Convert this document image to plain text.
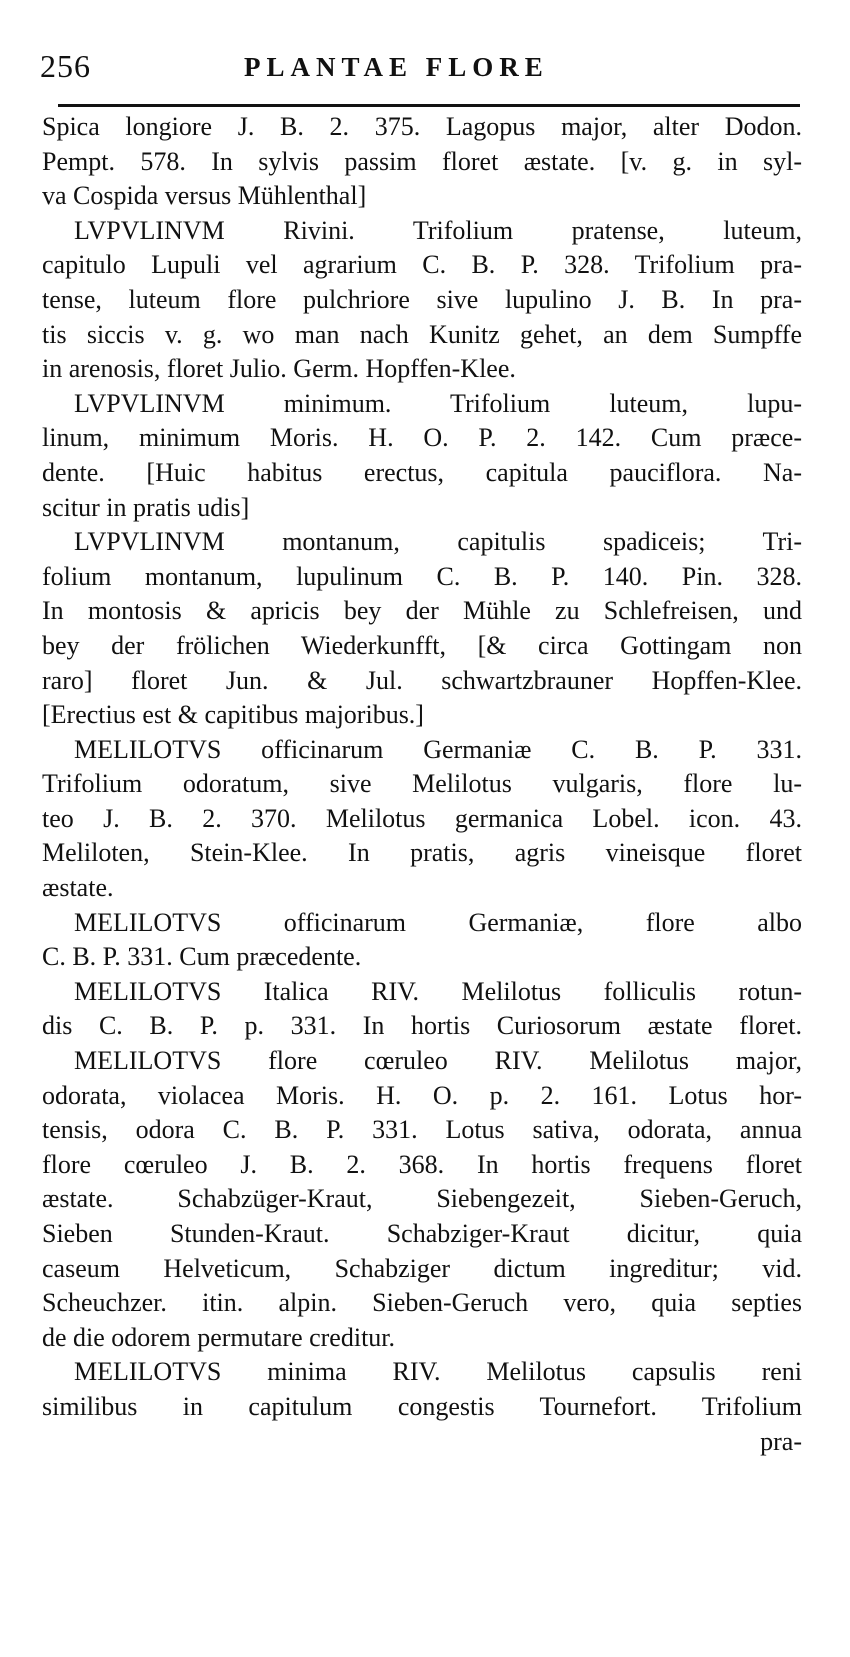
256	PLANTAE FLORE
Spica longiore J. B. 2. 375. Lagopus major, alter Dodon.
Pempt. 578. In sylvis passim floret æstate. [v. g. in syl-
va Cospida versus Mühlenthal]
LVPVLINVM Rivini. Trifolium pratense, luteum,
capitulo Lupuli vel agrarium C. B. P. 328. Trifolium pra-
tense, luteum flore pulchriore sive lupulino J. B. In pra-
tis siccis v. g. wo man nach Kunitz gehet, an dem Sumpffe
in arenosis, floret Julio. Germ. Hopffen-Klee.
LVPVLINVM minimum. Trifolium luteum, lupu-
linum, minimum Moris. H. O. P. 2. 142. Cum præce-
dente. [Huic habitus erectus, capitula pauciflora. Na-
scitur in pratis udis]
LVPVLINVM montanum, capitulis spadiceis; Tri-
folium montanum, lupulinum C. B. P. 140. Pin. 328.
In montosis & apricis bey der Mühle zu Schlefreisen, und
bey der frölichen Wiederkunfft, [& circa Gottingam non
raro] floret Jun. & Jul. schwartzbrauner Hopffen-Klee.
[Erectius est & capitibus majoribus.]
MELILOTVS officinarum Germaniæ C. B. P. 331.
Trifolium odoratum, sive Melilotus vulgaris, flore lu-
teo J. B. 2. 370. Melilotus germanica Lobel. icon. 43.
Meliloten, Stein-Klee. In pratis, agris vineisque floret
æstate.
MELILOTVS officinarum Germaniæ, flore albo
C. B. P. 331. Cum præcedente.
MELILOTVS Italica RIV. Melilotus folliculis rotun-
dis C. B. P. p. 331. In hortis Curiosorum æstate floret.
MELILOTVS flore cœruleo RIV. Melilotus major,
odorata, violacea Moris. H. O. p. 2. 161. Lotus hor-
tensis, odora C. B. P. 331. Lotus sativa, odorata, annua
flore cœruleo J. B. 2. 368. In hortis frequens floret
æstate. Schabzüger-Kraut, Siebengezeit, Sieben-Geruch,
Sieben Stunden-Kraut. Schabziger-Kraut dicitur, quia
caseum Helveticum, Schabziger dictum ingreditur; vid.
Scheuchzer. itin. alpin. Sieben-Geruch vero, quia septies
de die odorem permutare creditur.
MELILOTVS minima RIV. Melilotus capsulis reni
similibus in capitulum congestis Tournefort. Trifolium
pra-
